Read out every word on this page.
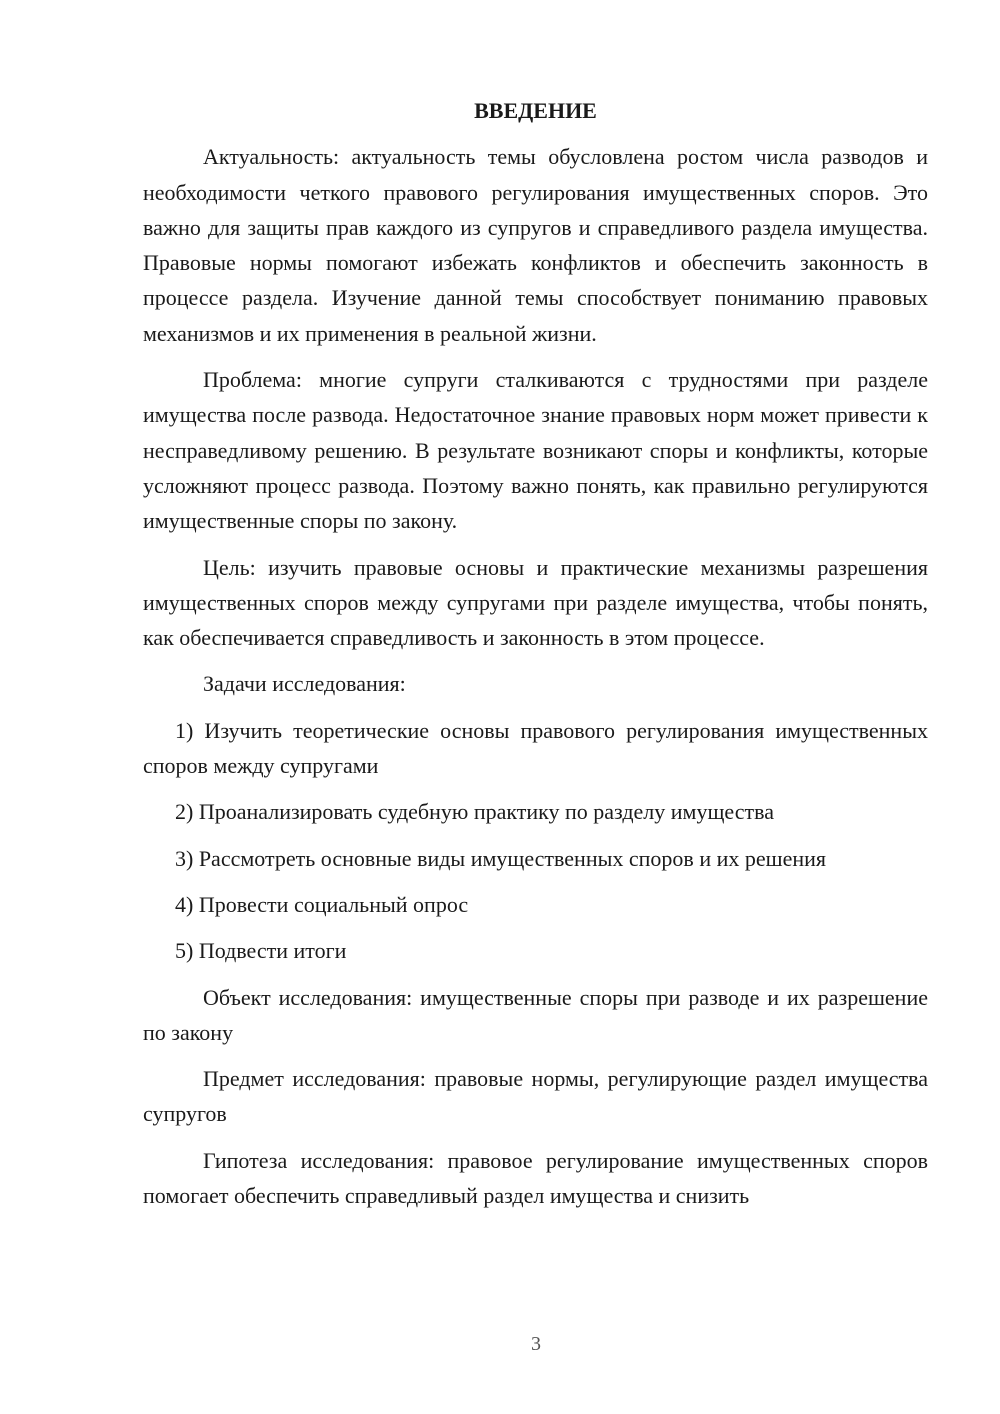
ВВЕДЕНИЕ

Актуальность: актуальность темы обусловлена ростом числа разводов и необходимости четкого правового регулирования имущественных споров. Это важно для защиты прав каждого из супругов и справедливого раздела имущества. Правовые нормы помогают избежать конфликтов и обеспечить законность в процессе раздела. Изучение данной темы способствует пониманию правовых механизмов и их применения в реальной жизни.

Проблема: многие супруги сталкиваются с трудностями при разделе имущества после развода. Недостаточное знание правовых норм может привести к несправедливому решению. В результате возникают споры и конфликты, которые усложняют процесс развода. Поэтому важно понять, как правильно регулируются имущественные споры по закону.

Цель: изучить правовые основы и практические механизмы разрешения имущественных споров между супругами при разделе имущества, чтобы понять, как обеспечивается справедливость и законность в этом процессе.

Задачи исследования:

1) Изучить теоретические основы правового регулирования имущественных споров между супругами

2) Проанализировать судебную практику по разделу имущества

3) Рассмотреть основные виды имущественных споров и их решения

4) Провести социальный опрос

5) Подвести итоги

Объект исследования: имущественные споры при разводе и их разрешение по закону

Предмет исследования: правовые нормы, регулирующие раздел имущества супругов

Гипотеза исследования: правовое регулирование имущественных споров помогает обеспечить справедливый раздел имущества и снизить

3
